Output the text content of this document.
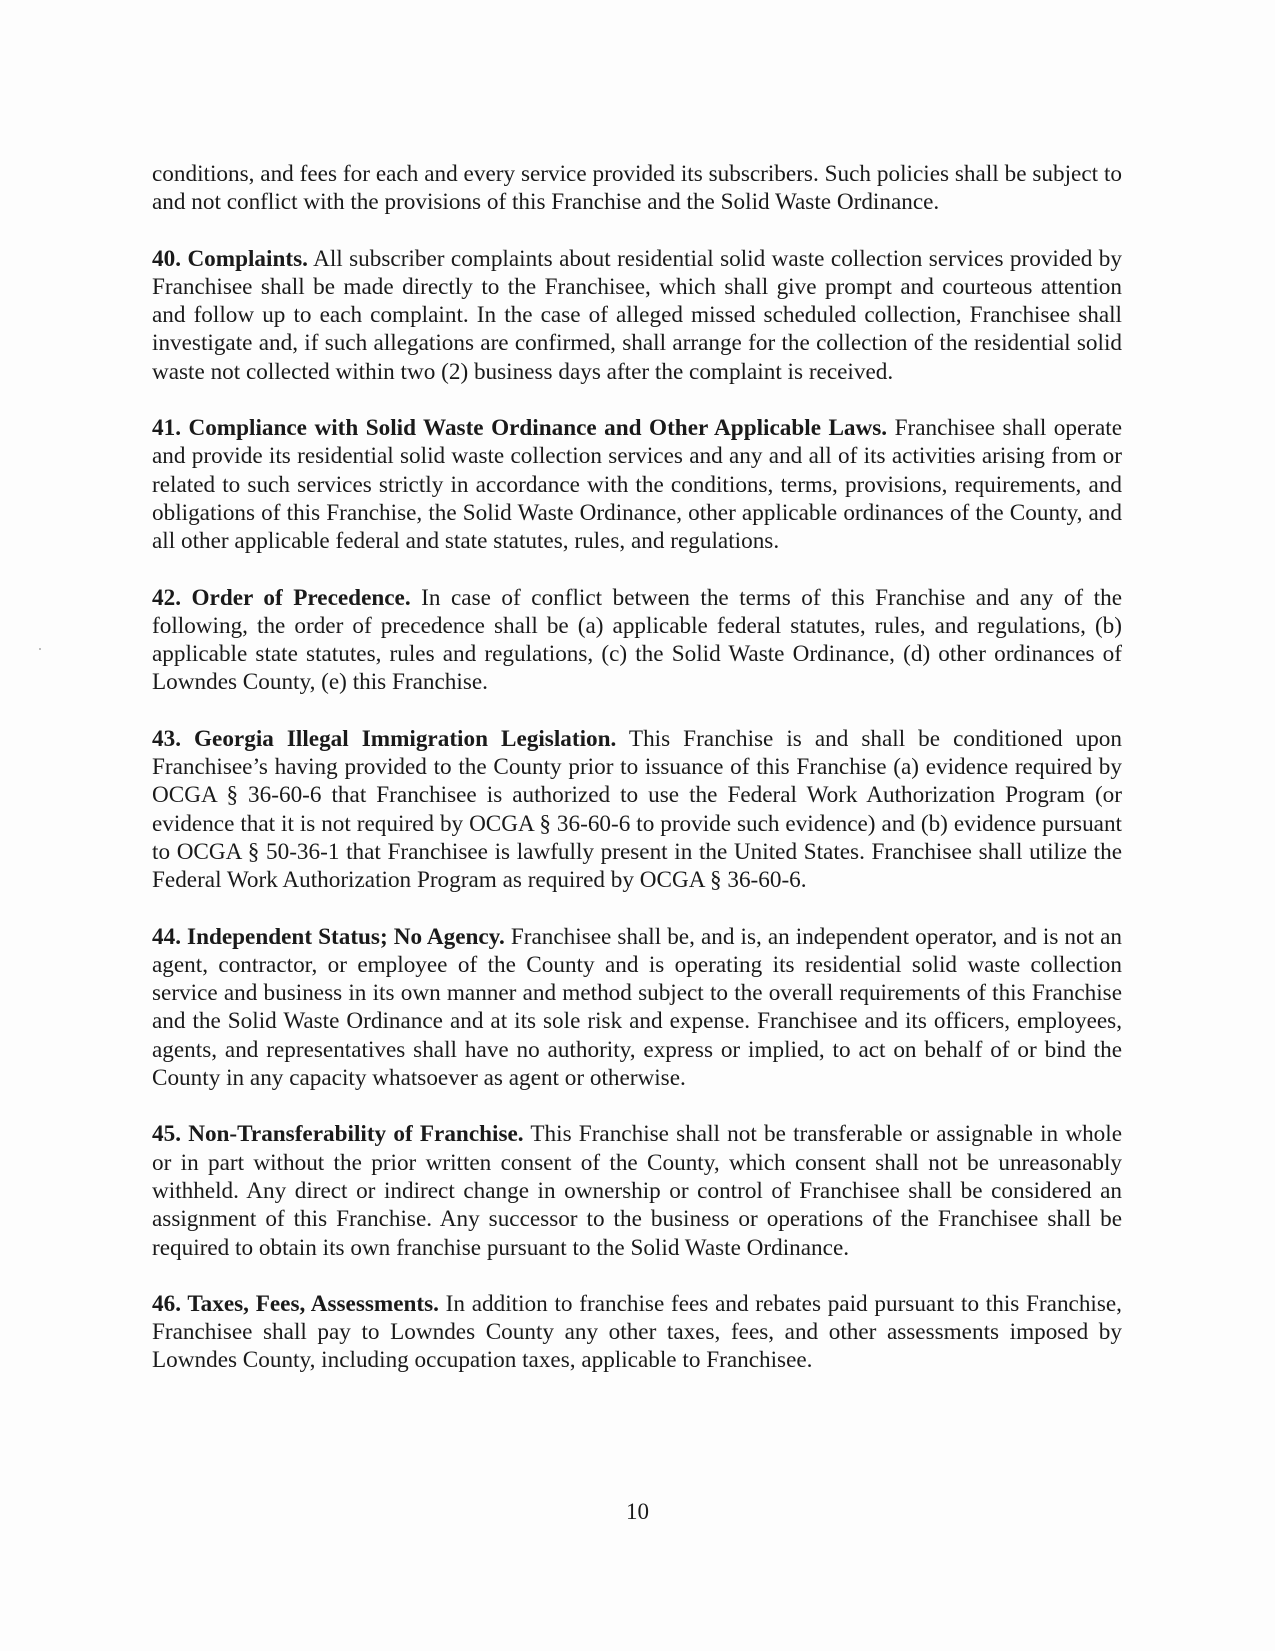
conditions, and fees for each and every service provided its subscribers. Such policies shall be subject to and not conflict with the provisions of this Franchise and the Solid Waste Ordinance.

40. Complaints. All subscriber complaints about residential solid waste collection services provided by Franchisee shall be made directly to the Franchisee, which shall give prompt and courteous attention and follow up to each complaint. In the case of alleged missed scheduled collection, Franchisee shall investigate and, if such allegations are confirmed, shall arrange for the collection of the residential solid waste not collected within two (2) business days after the complaint is received.

41. Compliance with Solid Waste Ordinance and Other Applicable Laws. Franchisee shall operate and provide its residential solid waste collection services and any and all of its activities arising from or related to such services strictly in accordance with the conditions, terms, provisions, requirements, and obligations of this Franchise, the Solid Waste Ordinance, other applicable ordinances of the County, and all other applicable federal and state statutes, rules, and regulations.

42. Order of Precedence. In case of conflict between the terms of this Franchise and any of the following, the order of precedence shall be (a) applicable federal statutes, rules, and regulations, (b) applicable state statutes, rules and regulations, (c) the Solid Waste Ordinance, (d) other ordinances of Lowndes County, (e) this Franchise.

43. Georgia Illegal Immigration Legislation. This Franchise is and shall be conditioned upon Franchisee’s having provided to the County prior to issuance of this Franchise (a) evidence required by OCGA § 36-60-6 that Franchisee is authorized to use the Federal Work Authorization Program (or evidence that it is not required by OCGA § 36-60-6 to provide such evidence) and (b) evidence pursuant to OCGA § 50-36-1 that Franchisee is lawfully present in the United States. Franchisee shall utilize the Federal Work Authorization Program as required by OCGA § 36-60-6.

44. Independent Status; No Agency. Franchisee shall be, and is, an independent operator, and is not an agent, contractor, or employee of the County and is operating its residential solid waste collection service and business in its own manner and method subject to the overall requirements of this Franchise and the Solid Waste Ordinance and at its sole risk and expense. Franchisee and its officers, employees, agents, and representatives shall have no authority, express or implied, to act on behalf of or bind the County in any capacity whatsoever as agent or otherwise.

45. Non-Transferability of Franchise. This Franchise shall not be transferable or assignable in whole or in part without the prior written consent of the County, which consent shall not be unreasonably withheld. Any direct or indirect change in ownership or control of Franchisee shall be considered an assignment of this Franchise. Any successor to the business or operations of the Franchisee shall be required to obtain its own franchise pursuant to the Solid Waste Ordinance.

46. Taxes, Fees, Assessments. In addition to franchise fees and rebates paid pursuant to this Franchise, Franchisee shall pay to Lowndes County any other taxes, fees, and other assessments imposed by Lowndes County, including occupation taxes, applicable to Franchisee.

10
